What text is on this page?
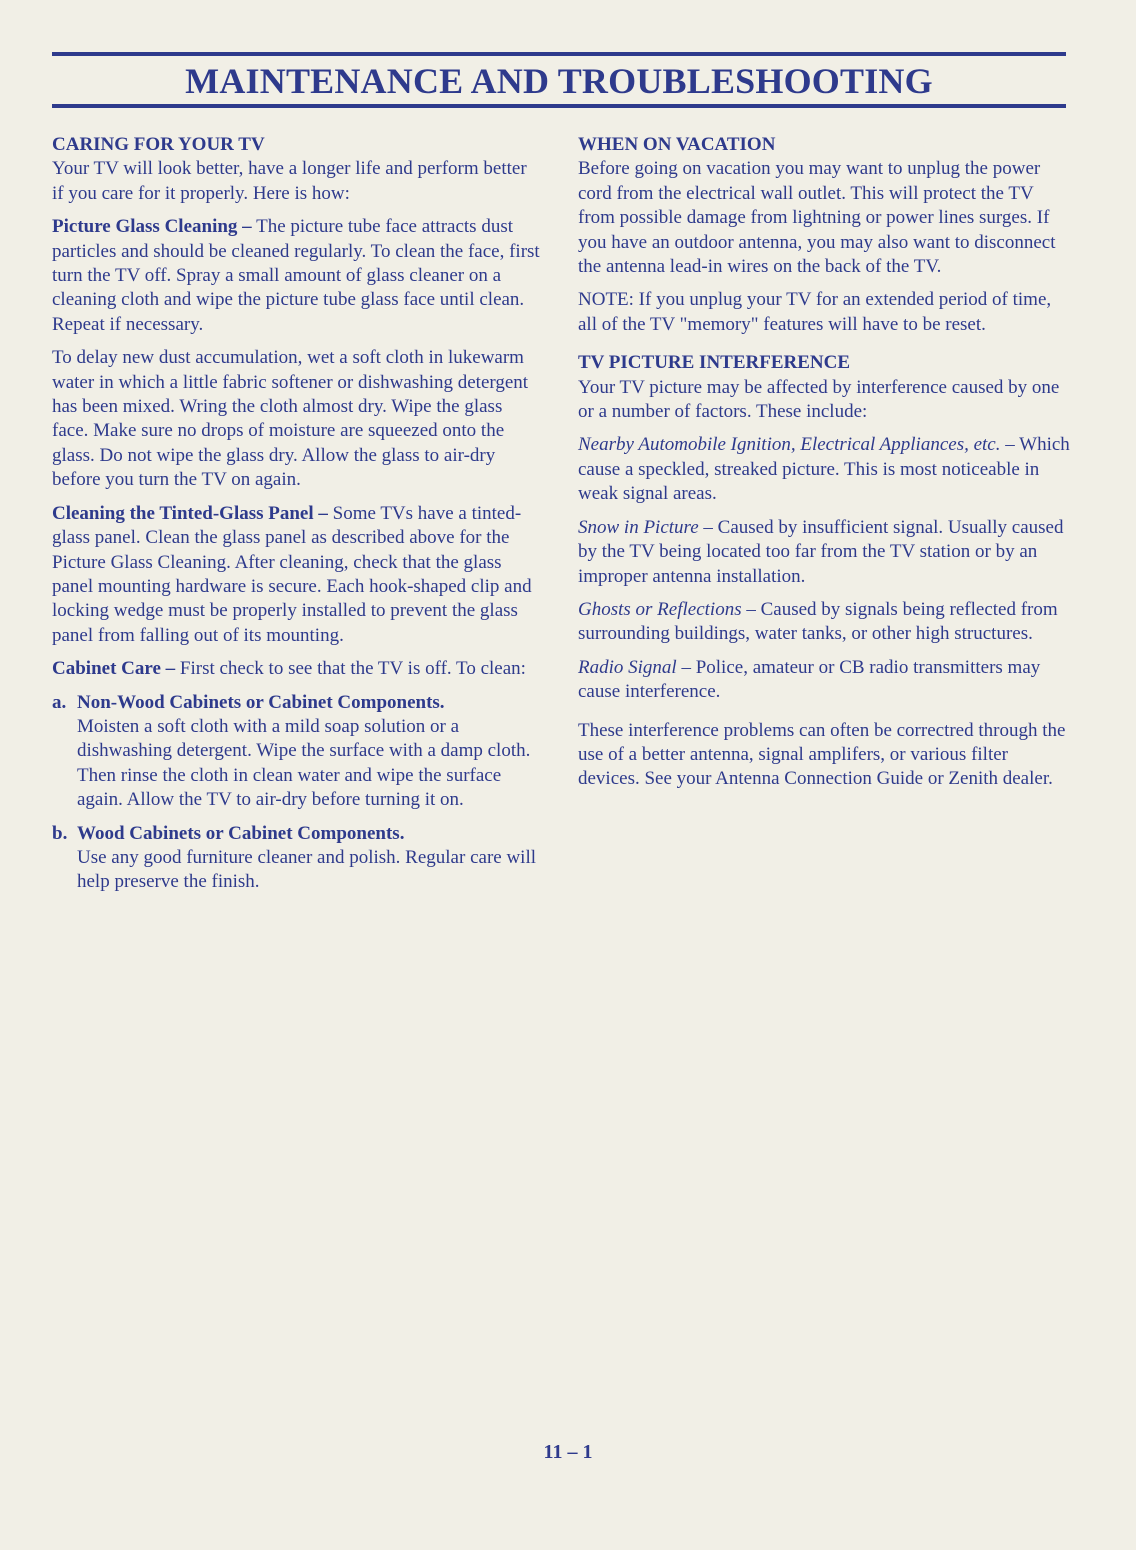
MAINTENANCE AND TROUBLESHOOTING
CARING FOR YOUR TV

Your TV will look better, have a longer life and perform better if you care for it properly. Here is how:

Picture Glass Cleaning – The picture tube face attracts dust particles and should be cleaned regularly. To clean the face, first turn the TV off. Spray a small amount of glass cleaner on a cleaning cloth and wipe the picture tube glass face until clean. Repeat if necessary.

To delay new dust accumulation, wet a soft cloth in lukewarm water in which a little fabric softener or dishwashing detergent has been mixed. Wring the cloth almost dry. Wipe the glass face. Make sure no drops of moisture are squeezed onto the glass. Do not wipe the glass dry. Allow the glass to air-dry before you turn the TV on again.

Cleaning the Tinted-Glass Panel – Some TVs have a tinted-glass panel. Clean the glass panel as described above for the Picture Glass Cleaning. After cleaning, check that the glass panel mounting hardware is secure. Each hook-shaped clip and locking wedge must be properly installed to prevent the glass panel from falling out of its mounting.

Cabinet Care – First check to see that the TV is off. To clean:

a. Non-Wood Cabinets or Cabinet Components.
Moisten a soft cloth with a mild soap solution or a dishwashing detergent. Wipe the surface with a damp cloth. Then rinse the cloth in clean water and wipe the surface again. Allow the TV to air-dry before turning it on.
b. Wood Cabinets or Cabinet Components.
Use any good furniture cleaner and polish. Regular care will help preserve the finish.
WHEN ON VACATION

Before going on vacation you may want to unplug the power cord from the electrical wall outlet. This will protect the TV from possible damage from lightning or power lines surges. If you have an outdoor antenna, you may also want to disconnect the antenna lead-in wires on the back of the TV.

NOTE: If you unplug your TV for an extended period of time, all of the TV "memory" features will have to be reset.

TV PICTURE INTERFERENCE

Your TV picture may be affected by interference caused by one or a number of factors. These include:

Nearby Automobile Ignition, Electrical Appliances, etc. – Which cause a speckled, streaked picture. This is most noticeable in weak signal areas.

Snow in Picture – Caused by insufficient signal. Usually caused by the TV being located too far from the TV station or by an improper antenna installation.

Ghosts or Reflections – Caused by signals being reflected from surrounding buildings, water tanks, or other high structures.

Radio Signal – Police, amateur or CB radio transmitters may cause interference.

These interference problems can often be correctred through the use of a better antenna, signal amplifers, or various filter devices. See your Antenna Connection Guide or Zenith dealer.

11 – 1
